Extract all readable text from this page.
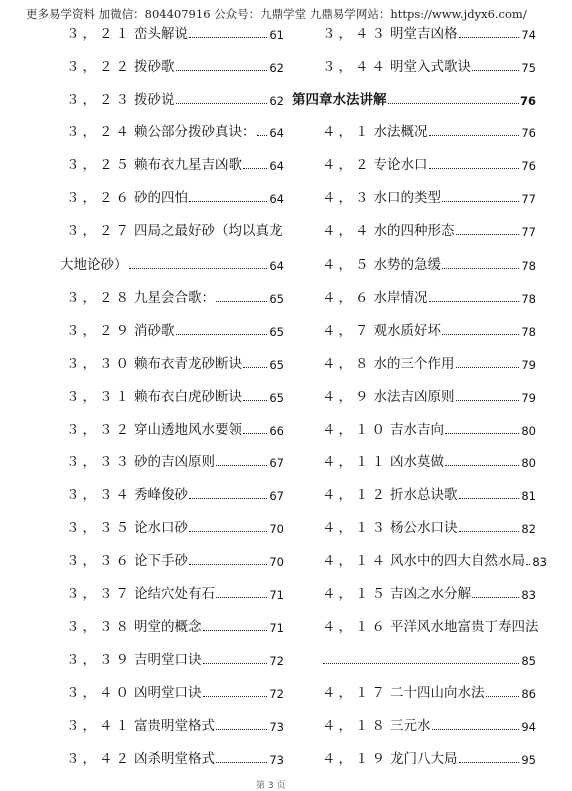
更多易学资料 加微信：804407916 公众号：九鼎学堂 九鼎易学网站：https://www.jdyx6.com/
３，２１ 峦头解说	61
３，２２ 拨砂歌	62
３，２３ 拨砂说	62
３，２４ 赖公部分拨砂真诀： 64
３，２５ 赖布衣九星吉凶歌 64
３，２６ 砂的四怕	64
３，２７ 四局之最好砂（均以真龙
大地论砂）	64
３，２８ 九星会合歌：	65
３，２９ 消砂歌	65
３，３０ 赖布衣青龙砂断诀 65
３，３１ 赖布衣白虎砂断诀 65
３，３２ 穿山透地风水要领 66
３，３３ 砂的吉凶原则	67
３，３４ 秀峰俊砂	67
３，３５ 论水口砂	70
３，３６ 论下手砂	70
３，３７ 论结穴处有石	71
３，３８ 明堂的概念	71
３，３９ 吉明堂口诀	72
３，４０ 凶明堂口诀	72
３，４１ 富贵明堂格式	73
３，４２ 凶杀明堂格式	73
３，４３ 明堂吉凶格	74
３，４４ 明堂入式歌诀	75
第四章水法讲解	76
４，１ 水法概况	76
４，２ 专论水口	76
４，３ 水口的类型	77
４，４ 水的四种形态	77
４，５ 水势的急缓	78
４，６ 水岸情况	78
４，７ 观水质好坏	78
４，８ 水的三个作用	79
４，９ 水法吉凶原则	79
４，１０ 吉水吉向	80
４，１１ 凶水莫做	80
４，１２ 折水总诀歌	81
４，１３ 杨公水口诀	82
４，１４ 风水中的四大自然水局 83
４，１５ 吉凶之水分解	83
４，１６ 平洋风水地富贵丁寿四法
85
４，１７ 二十四山向水法	86
４，１８ 三元水	94
４，１９ 龙门八大局	95
第 3 页
